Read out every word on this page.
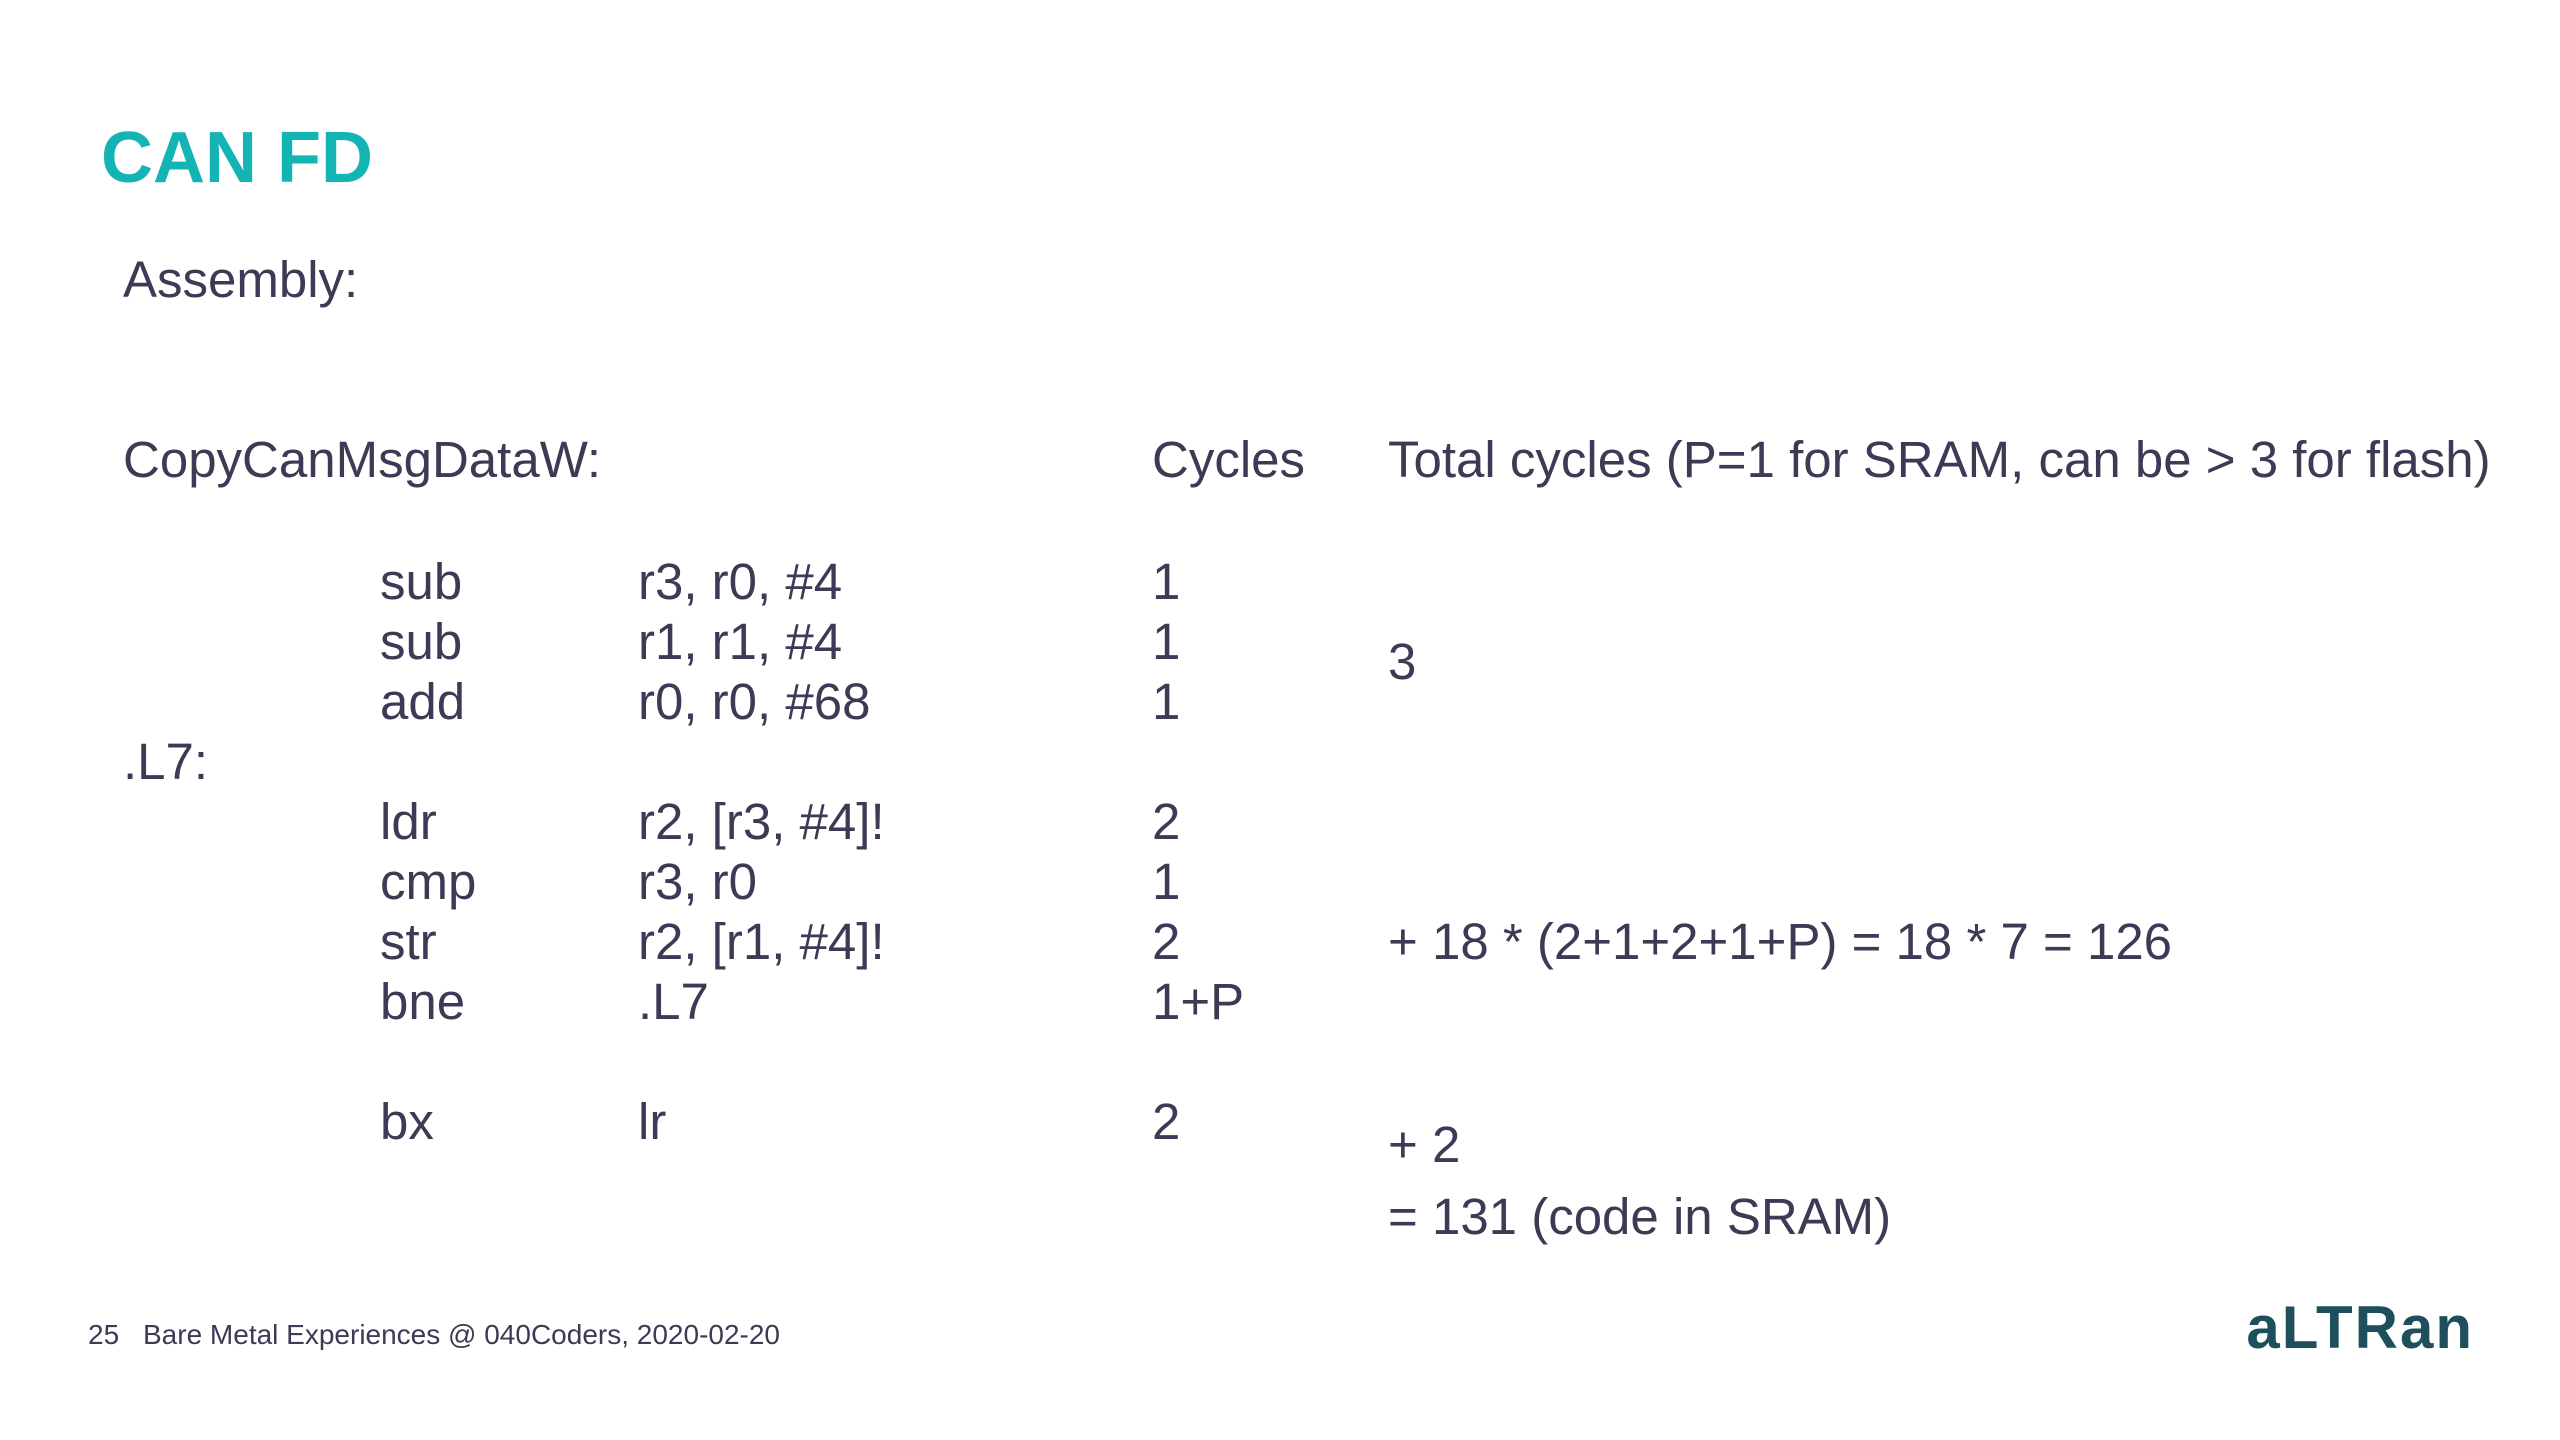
CAN FD
Assembly:
CopyCanMsgDataW:	Cycles Total cycles (P=1 for SRAM, can be > 3 for flash)
sub	r3, r0, #4	1
sub	r1, r1, #4	1
add	r0, r0, #68	1
3
.L7:
ldr	r2, [r3, #4]!	2
cmp	r3, r0	1
str	r2, [r1, #4]!	2	+ 18 * (2+1+2+1+P) = 18 * 7 = 126
bne	.L7	1+P
bx	lr	2	+ 2
= 131 (code in SRAM)
25 Bare Metal Experiences @ 040Coders, 2020-02-20	aLTRan
